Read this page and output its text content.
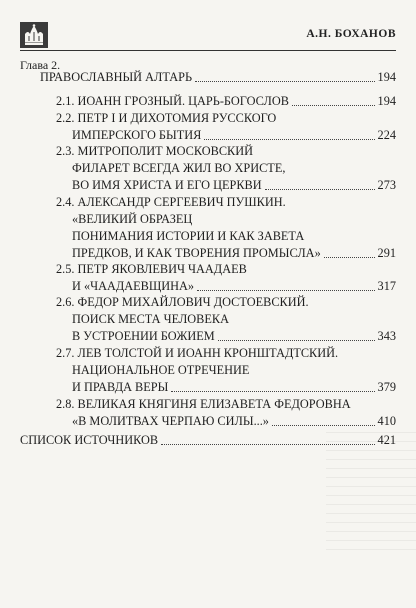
А.Н. БОХАНОВ
Глава 2.
ПРАВОСЛАВНЫЙ АЛТАРЬ	194
2.1. ИОАНН ГРОЗНЫЙ. ЦАРЬ-БОГОСЛОВ	194
2.2. ПЕТР I И ДИХОТОМИЯ РУССКОГО
ИМПЕРСКОГО БЫТИЯ	224
2.3. МИТРОПОЛИТ МОСКОВСКИЙ
ФИЛАРЕТ ВСЕГДА ЖИЛ ВО ХРИСТЕ,
ВО ИМЯ ХРИСТА И ЕГО ЦЕРКВИ	273
2.4. АЛЕКСАНДР СЕРГЕЕВИЧ ПУШКИН.
«ВЕЛИКИЙ ОБРАЗЕЦ
ПОНИМАНИЯ ИСТОРИИ И КАК ЗАВЕТА
ПРЕДКОВ, И КАК ТВОРЕНИЯ ПРОМЫСЛА»	291
2.5. ПЕТР ЯКОВЛЕВИЧ ЧААДАЕВ
И «ЧААДАЕВЩИНА»	317
2.6. ФЕДОР МИХАЙЛОВИЧ ДОСТОЕВСКИЙ.
ПОИСК МЕСТА ЧЕЛОВЕКА
В УСТРОЕНИИ БОЖИЕМ	343
2.7. ЛЕВ ТОЛСТОЙ И ИОАНН КРОНШТАДТСКИЙ.
НАЦИОНАЛЬНОЕ ОТРЕЧЕНИЕ
И ПРАВДА ВЕРЫ	379
2.8. ВЕЛИКАЯ КНЯГИНЯ ЕЛИЗАВЕТА ФЕДОРОВНА
«В МОЛИТВАХ ЧЕРПАЮ СИЛЫ...»	410
СПИСОК ИСТОЧНИКОВ	421
